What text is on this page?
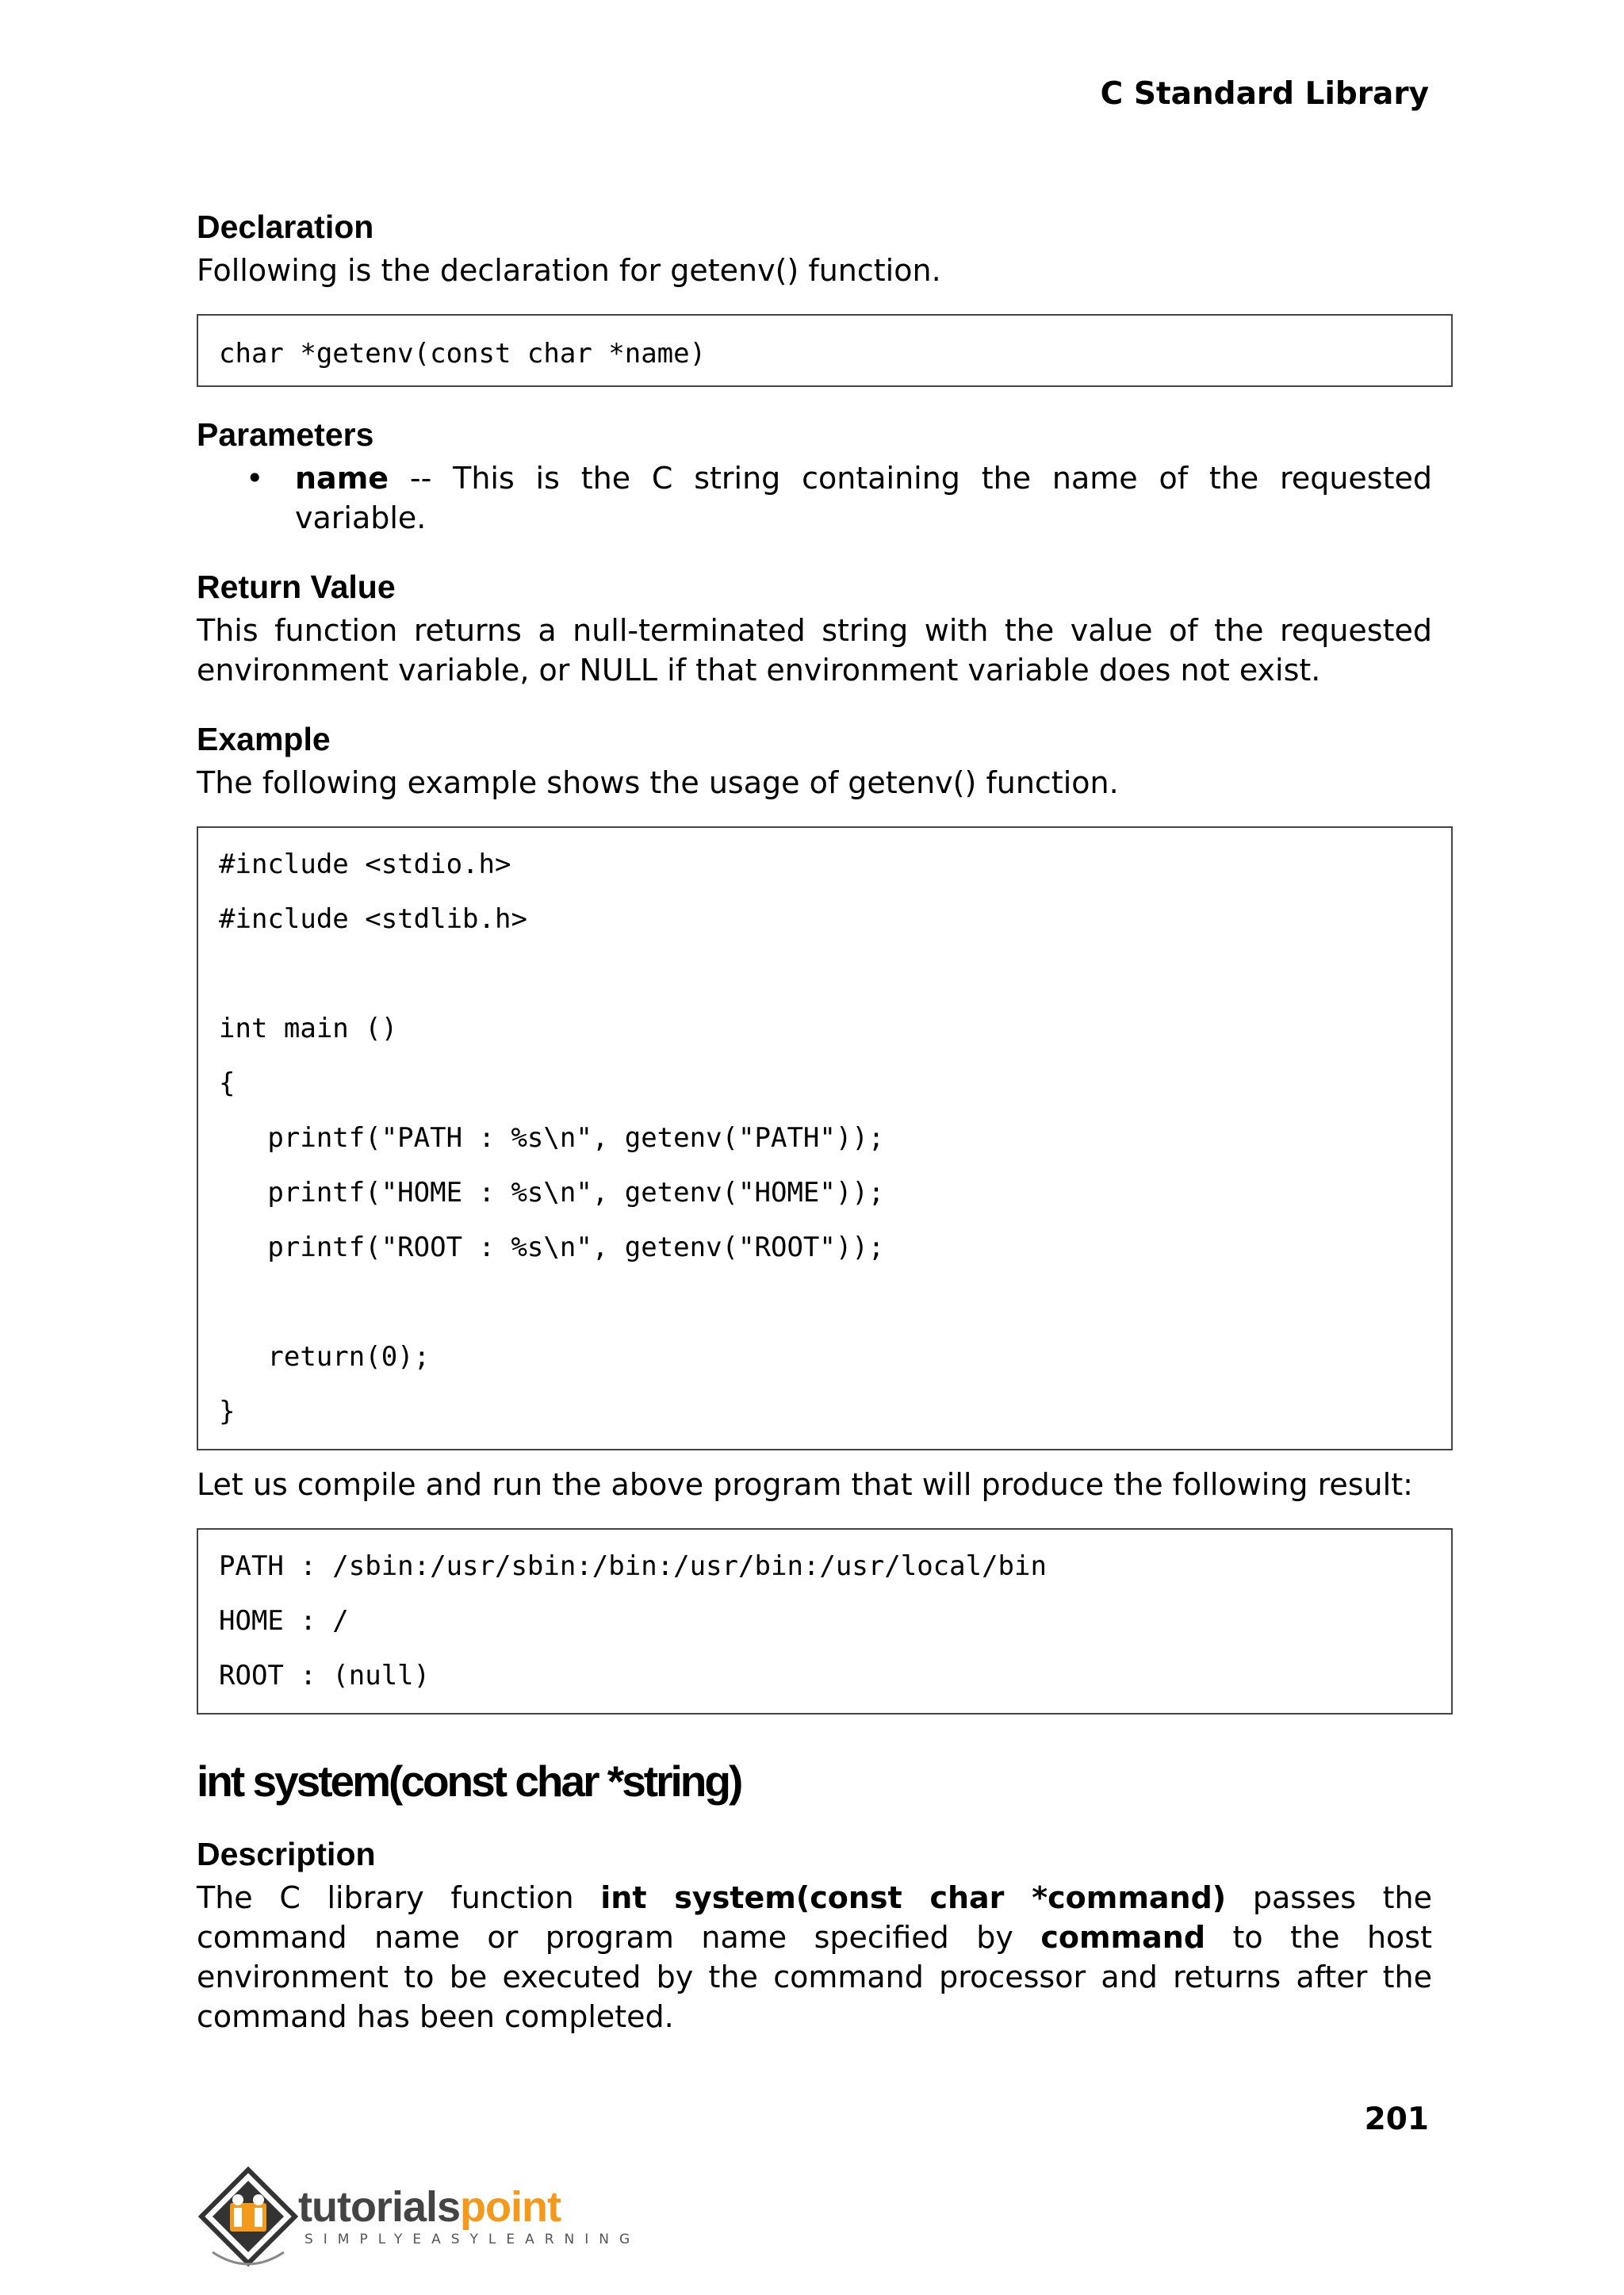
C Standard Library
Declaration

Following is the declaration for getenv() function.

char *getenv(const char *name)
Parameters
• name -- This is the C string containing the name of the requested variable.

Return Value

This function returns a null-terminated string with the value of the requested environment variable, or NULL if that environment variable does not exist.

Example

The following example shows the usage of getenv() function.

#include <stdio.h>
#include <stdlib.h>

int main ()
{
printf("PATH : %s\n", getenv("PATH"));
printf("HOME : %s\n", getenv("HOME"));
printf("ROOT : %s\n", getenv("ROOT"));

return(0);
}

Let us compile and run the above program that will produce the following result:

PATH : /sbin:/usr/sbin:/bin:/usr/bin:/usr/local/bin
HOME : /
ROOT : (null)
int system(const char *string)
Description

The C library function int system(const char *command) passes the command name or program name specified by command to the host environment to be executed by the command processor and returns after the command has been completed.

201
tutorialspoint
SIMPLYEASYLEARNING
